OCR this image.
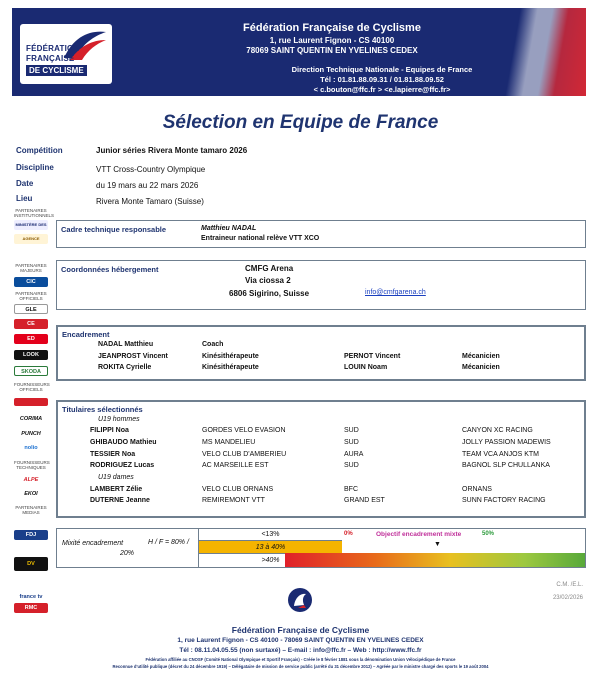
FÉDÉRATION
FRANÇAISE
DE CYCLISME
Fédération Française de Cyclisme
1, rue Laurent Fignon - CS 40100
78069 SAINT QUENTIN EN YVELINES CEDEX
Direction Technique Nationale - Equipes de France
Tél : 01.81.88.09.31 / 01.81.88.09.52
< c.bouton@ffc.fr > <e.lapierre@ffc.fr>
Sélection en Equipe de France
Compétition	Junior séries Rivera Monte tamaro 2026
Discipline	VTT Cross-Country Olympique
Date	du 19 mars au 22 mars 2026
Lieu	Rivera Monte Tamaro (Suisse)
PARTENAIRES INSTITUTIONNELS
MINISTÈRE DES
AGENCE
PARTENAIRES MAJEURS
CIC
PARTENAIRES OFFICIELS
GLE
CE
ED
LOOK
SKODA
FOURNISSEURS OFFICIELS
CORIMA
PUNCH
nolio
FOURNISSEURS TECHNIQUES
ALPE
EKOI
PARTENAIRES MEDIAS
FDJ
DV
france tv
RMC
Cadre technique responsable	Matthieu NADAL
Entraineur national relève VTT XCO
Coordonnées hébergement	CMFG Arena
Via ciossa 2
6806 Sigirino, Suisse	info@cmfgarena.ch
Encadrement
NADAL Matthieu	Coach
JEANPROST Vincent	Kinésithérapeute	PERNOT Vincent	Mécanicien
ROKITA Cyrielle	Kinésithérapeute	LOUIN Noam	Mécanicien
Titulaires sélectionnés
U19 hommes
FILIPPI Noa	GORDES VELO EVASION	SUD	CANYON XC RACING
GHIBAUDO Mathieu	MS MANDELIEU	SUD	JOLLY PASSION MADEWIS
TESSIER Noa	VELO CLUB D'AMBERIEU	AURA	TEAM VCA ANJOS KTM
RODRIGUEZ Lucas	AC MARSEILLE EST	SUD	BAGNOL SLP CHULLANKA
U19 dames
LAMBERT Zélie	VELO CLUB ORNANS	BFC	ORNANS
DUTERNE Jeanne	REMIREMONT VTT	GRAND EST	SUNN FACTORY RACING
Mixité encadrement	H / F = 80% /
20%
<13%
13 à 40%
>40%
0%	Objectif encadrement mixte	50%
▼
C.M. /E.L.
23/02/2026
Fédération Française de Cyclisme
1, rue Laurent Fignon - CS 40100 - 78069 SAINT QUENTIN EN YVELINES CEDEX
Tél : 08.11.04.05.55 (non surtaxé) – E-mail : info@ffc.fr – Web : http://www.ffc.fr
Fédération affiliée au CNOSF (Comité National Olympique et Sportif Français) - Créée le 8 février 1881 sous la dénomination Union Vélocipédique de France
Reconnue d'utilité publique (décret du 24 décembre 1919) – Délégataire de mission de service public (arrêté du 31 décembre 2012) – Agréée par le ministre chargé des sports le 19 août 2004
